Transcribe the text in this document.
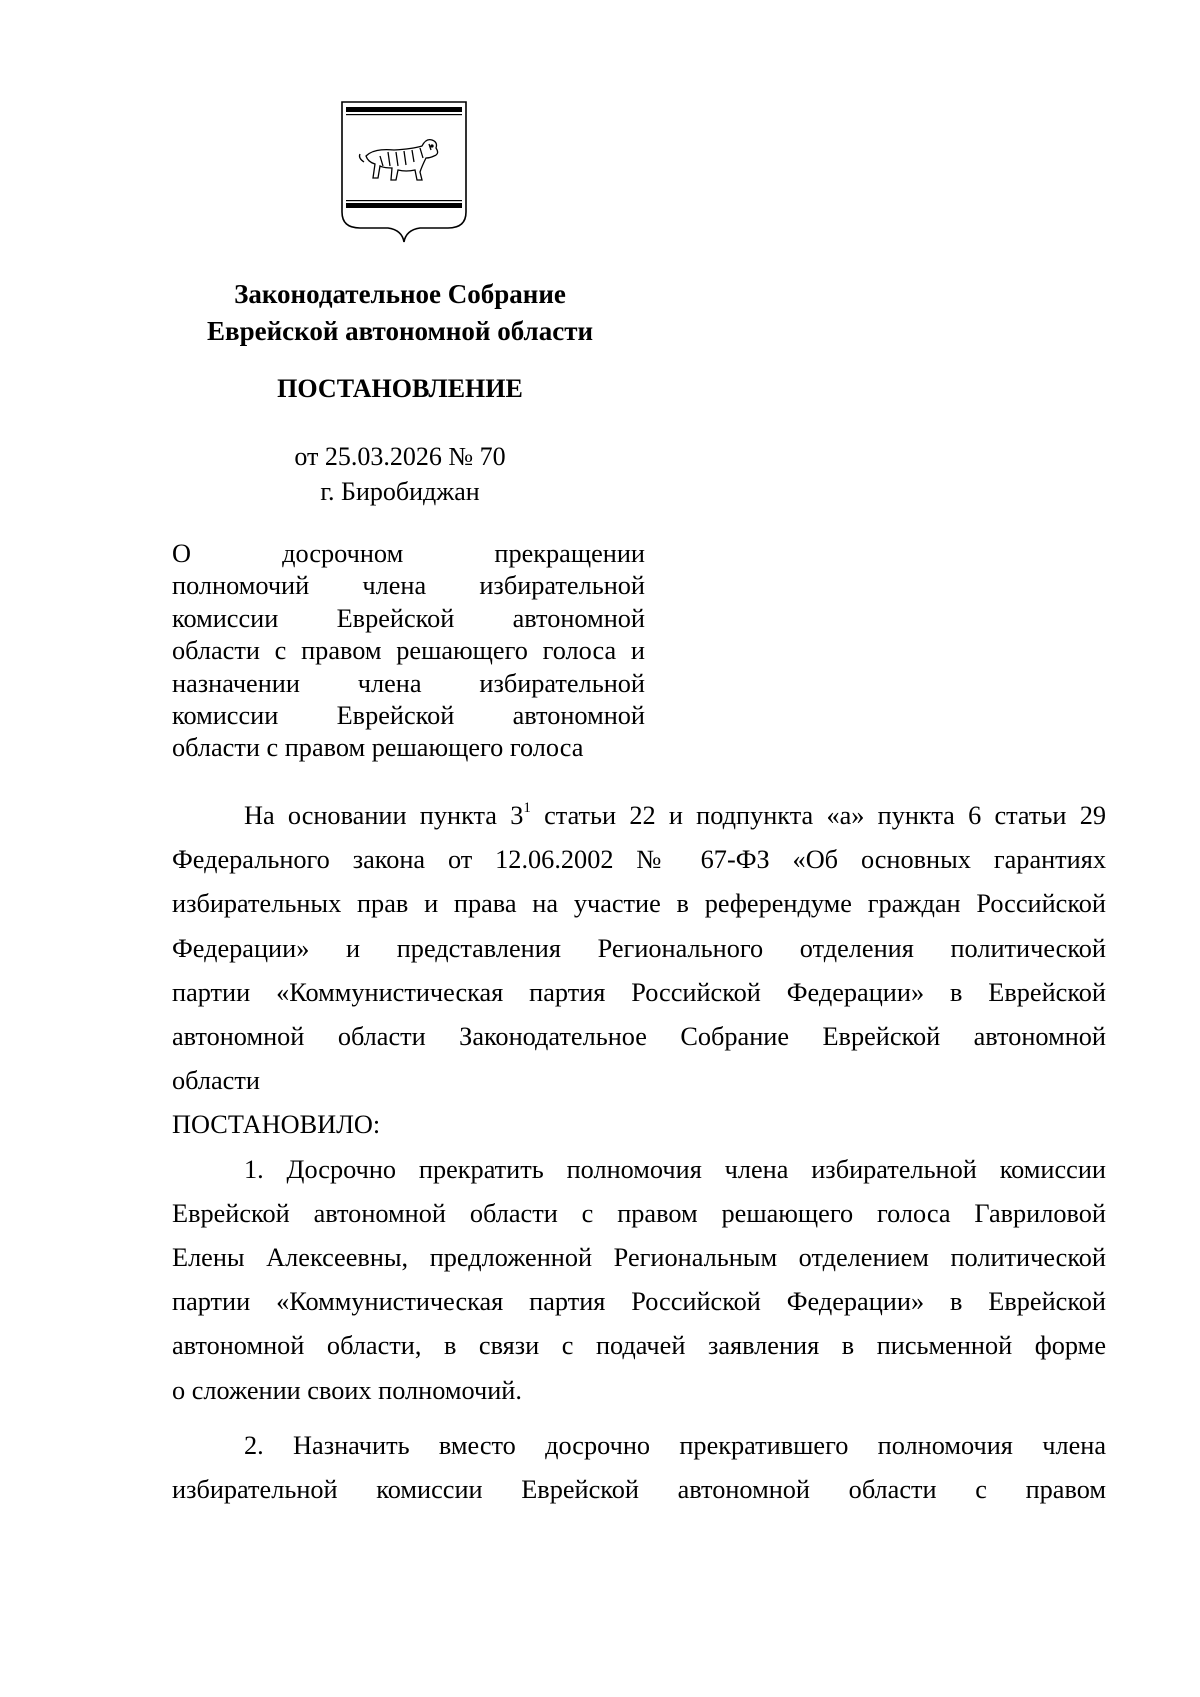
Законодательное Собрание
Еврейской автономной области
ПОСТАНОВЛЕНИЕ
от 25.03.2026 № 70
г. Биробиджан
О досрочном прекращении
полномочий члена избирательной
комиссии Еврейской автономной
области с правом решающего голоса и
назначении члена избирательной
комиссии Еврейской автономной
области с правом решающего голоса
На основании пункта $3^1$ статьи 22 и подпункта «а» пункта 6 статьи 29
Федерального закона от 12.06.2002 № 67-ФЗ «Об основных гарантиях
избирательных прав и права на участие в референдуме граждан Российской
Федерации» и представления Регионального отделения политической
партии «Коммунистическая партия Российской Федерации» в Еврейской
автономной области Законодательное Собрание Еврейской автономной
области
ПОСТАНОВИЛО:
1. Досрочно прекратить полномочия члена избирательной комиссии
Еврейской автономной области с правом решающего голоса Гавриловой
Елены Алексеевны, предложенной Региональным отделением политической
партии «Коммунистическая партия Российской Федерации» в Еврейской
автономной области, в связи с подачей заявления в письменной форме
о сложении своих полномочий.
2. Назначить вместо досрочно прекратившего полномочия члена
избирательной комиссии Еврейской автономной области с правом
